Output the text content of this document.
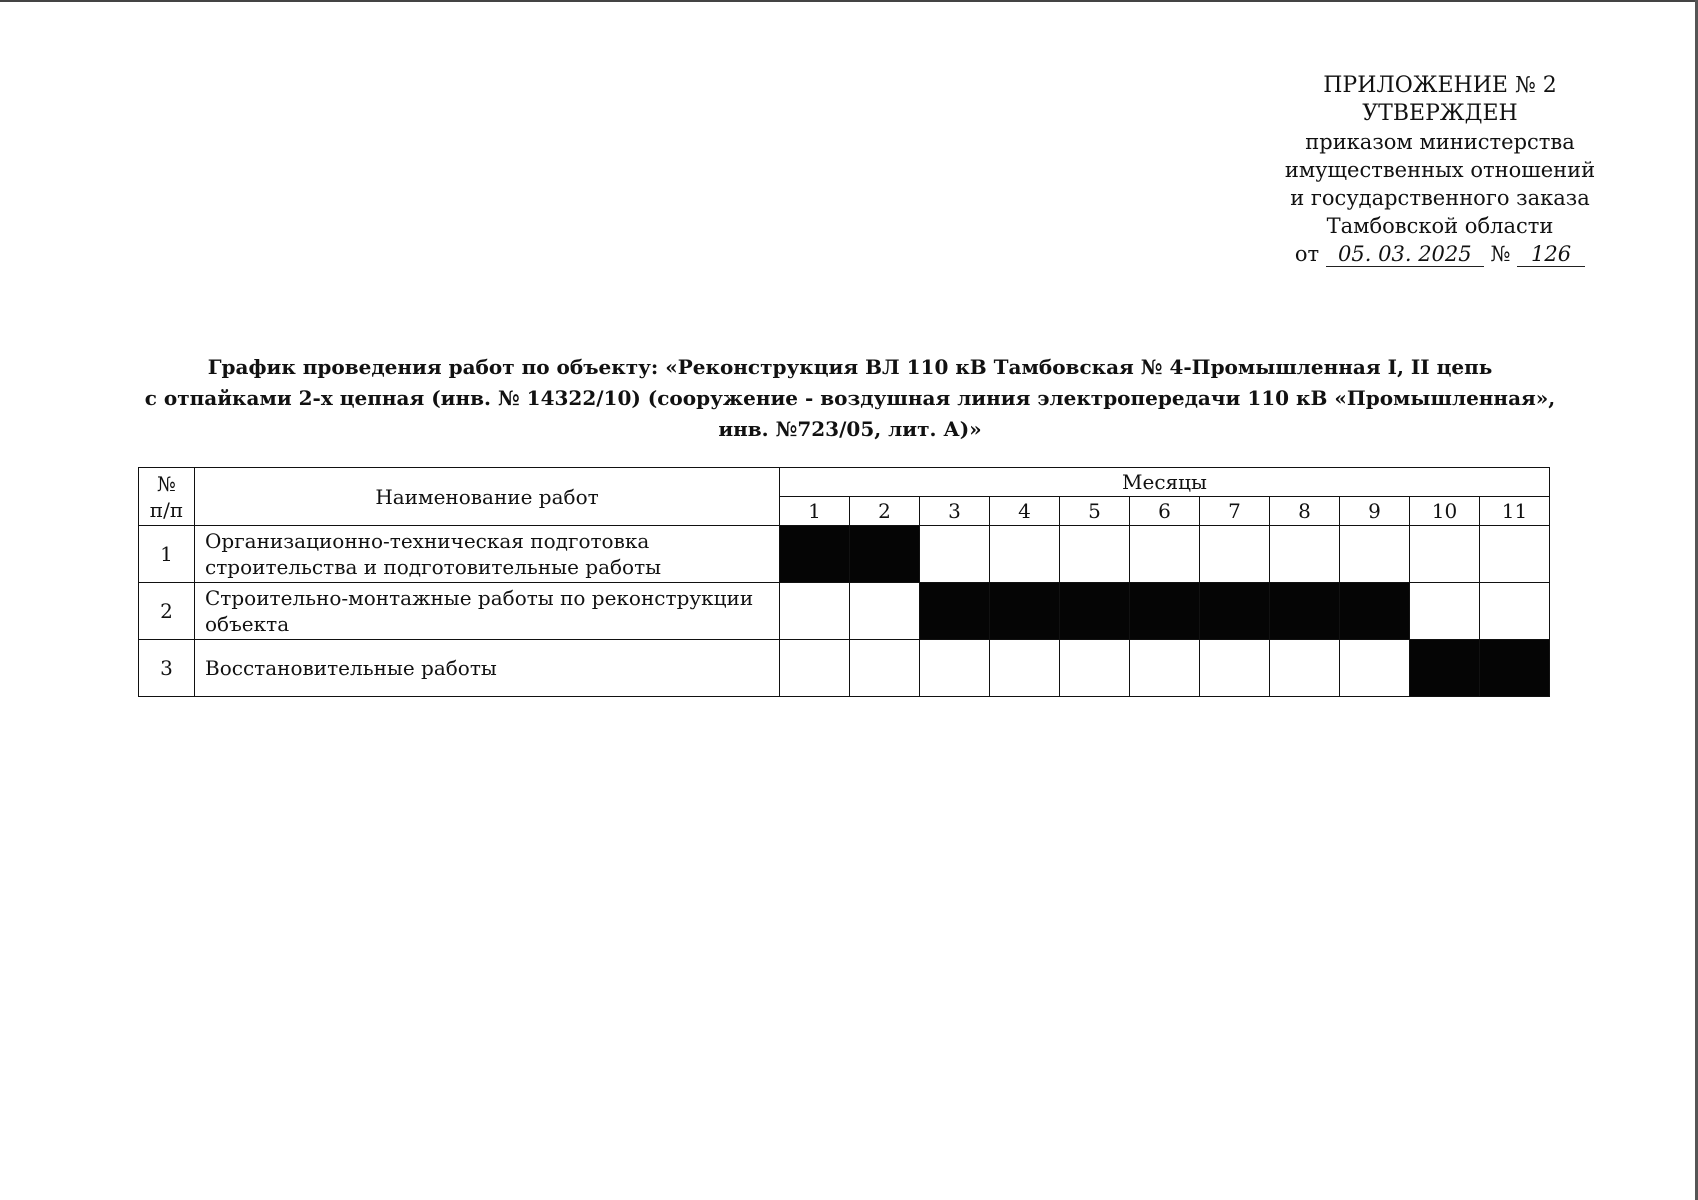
ПРИЛОЖЕНИЕ № 2
УТВЕРЖДЕН
приказом министерства
имущественных отношений
и государственного заказа
Тамбовской области
от 05. 03. 2025 № 126
График проведения работ по объекту: «Реконструкция ВЛ 110 кВ Тамбовская № 4-Промышленная I, II цепь
с отпайками 2-х цепная (инв. № 14322/10) (сооружение - воздушная линия электропередачи 110 кВ «Промышленная»,
инв. №723/05, лит. А)»
№
п/п	Наименование работ	Месяцы										
		1	2	3	4	5	6	7	8	9	10	11
1	Организационно-техническая подготовка
строительства и подготовительные работы											

2	Строительно-монтажные работы по реконструкции
объекта											

3	Восстановительные работы											
